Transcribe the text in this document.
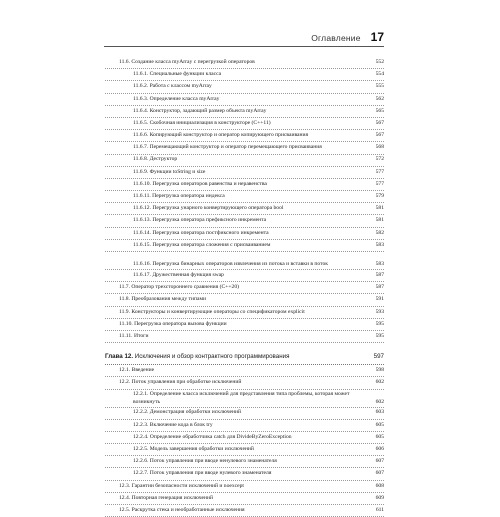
Оглавление 17
11.6. Создание класса myArray с перегрузкой операторов	552
11.6.1. Специальные функции класса	554
11.6.2. Работа с классом myArray	555
11.6.3. Определение класса myArray	562
11.6.4. Конструктор, задающий размер объекта myArray	565
11.6.5. Скобочная инициализация в конструкторе (C++11)	567
11.6.6. Копирующий конструктор и оператор копирующего присваивания	567
11.6.7. Перемещающий конструктор и оператор перемещающего присваивания	568
11.6.8. Деструктор	572
11.6.9. Функции toString и size	577
11.6.10. Перегрузка операторов равенства и неравенства	577
11.6.11. Перегрузка оператора индекса	579
11.6.12. Перегрузка унарного конвертирующего оператора bool	581
11.6.13. Перегрузка оператора префиксного инкремента	581
11.6.14. Перегрузка оператора постфиксного инкремента	582
11.6.15. Перегрузка оператора сложения с присваиванием	583
11.6.16. Перегрузка бинарных операторов извлечения из потока и вставки в поток	583
11.6.17. Дружественная функция swap	587
11.7. Оператор трехстороннего сравнения (C++20)	587
11.8. Преобразования между типами	591
11.9. Конструкторы и конвертирующие операторы со спецификатором explicit	593
11.10. Перегрузка оператора вызова функции	595
11.11. Итоги	595
Глава 12. Исключения и обзор контрактного программирования	597
12.1. Введение	598
12.2. Поток управления при обработке исключений	602
12.2.1. Определение класса исключений для представления типа проблемы, которая может возникнуть	602
12.2.2. Демонстрация обработки исключений	603
12.2.3. Включение кода в блок try	605
12.2.4. Определение обработчика catch для DivideByZeroException	605
12.2.5. Модель завершения обработки исключений	606
12.2.6. Поток управления при вводе ненулевого знаменателя	607
12.2.7. Поток управления при вводе нулевого знаменателя	607
12.3. Гарантии безопасности исключений и noexcept	608
12.4. Повторная генерация исключений	609
12.5. Раскрутка стека и необработанные исключения	611
